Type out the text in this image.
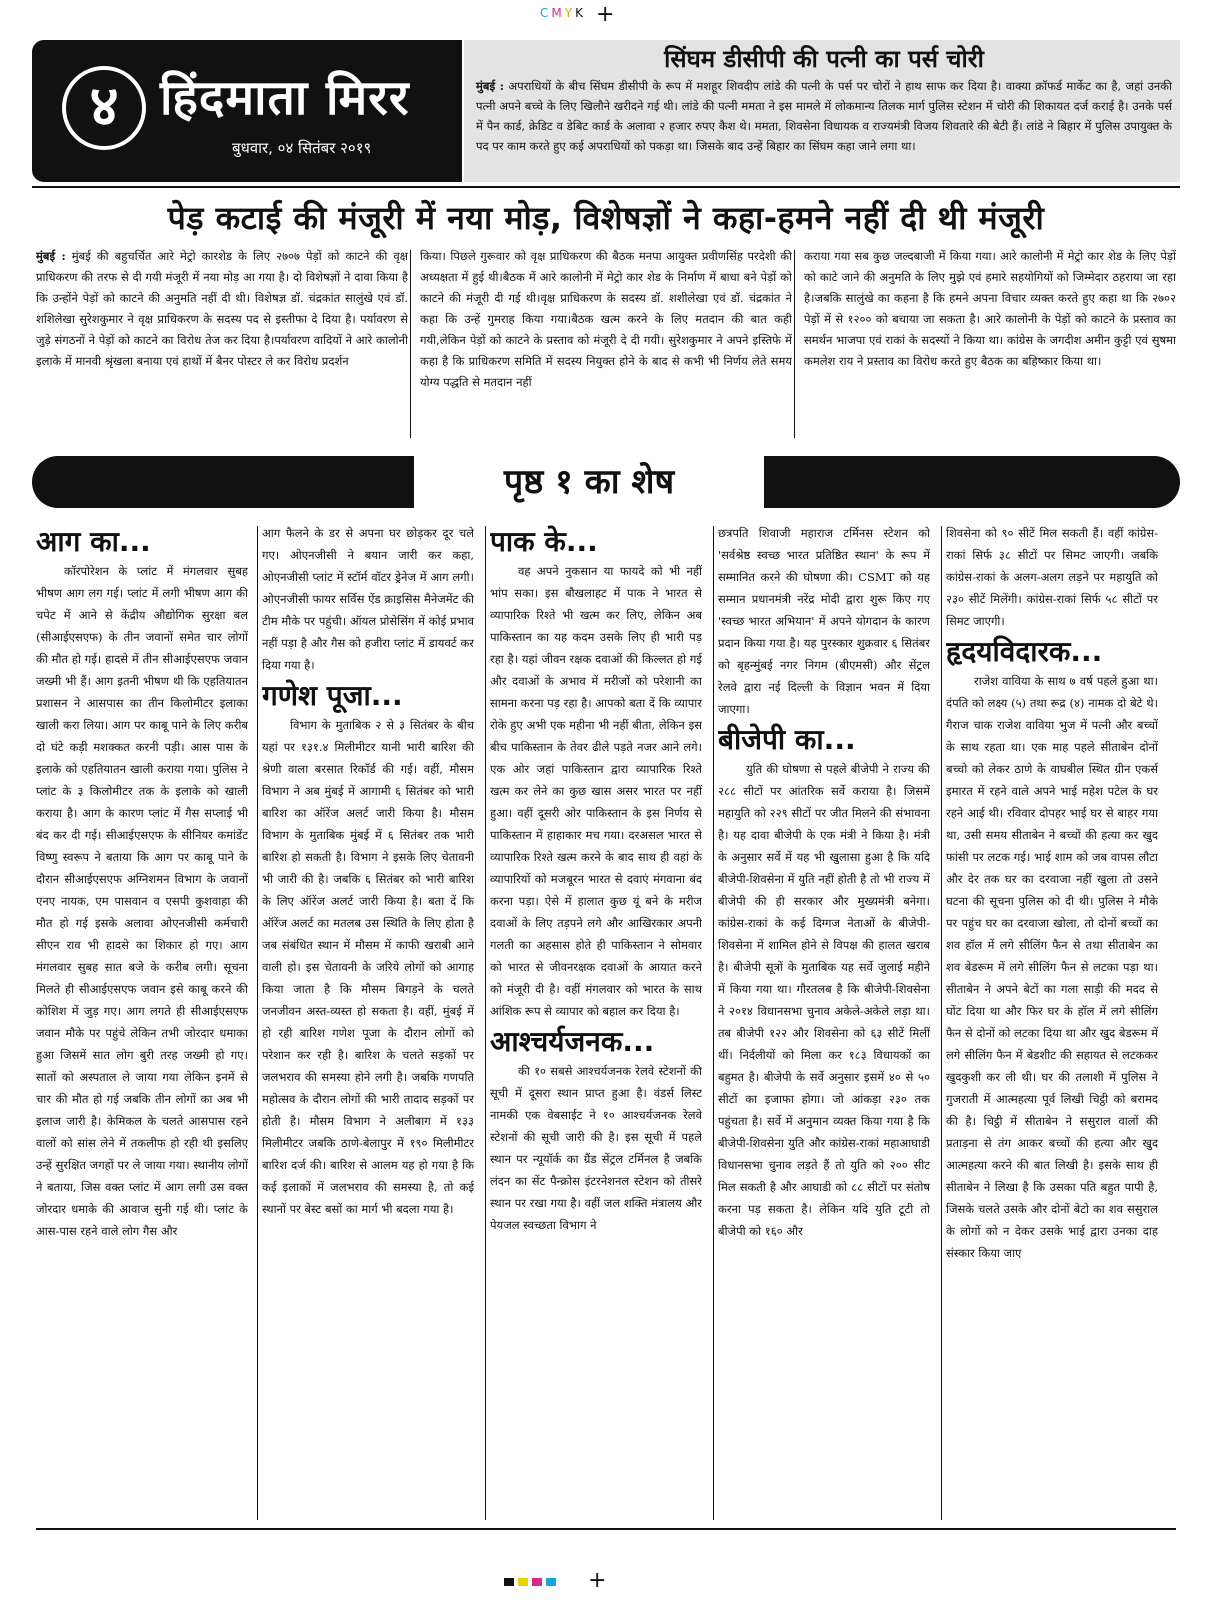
CMYK +
४ हिंदमाता मिरर
बुधवार, ०४ सितंबर २०१९
सिंघम डीसीपी की पत्नी का पर्स चोरी

मुंबई : अपराधियों के बीच सिंघम डीसीपी के रूप में मशहूर शिवदीप लांडे की पत्नी के पर्स पर चोरों ने हाथ साफ कर दिया है। वाक्या क्रॉफर्ड मार्केट का है, जहां उनकी पत्नी अपने बच्चे के लिए खिलौने खरीदने गई थी। लांडे की पत्नी ममता ने इस मामले में लोकमान्य तिलक मार्ग पुलिस स्टेशन में चोरी की शिकायत दर्ज कराई है। उनके पर्स में पैन कार्ड, क्रेडिट व डेबिट कार्ड के अलावा २ हजार रुपए कैश थे। ममता, शिवसेना विधायक व राज्यमंत्री विजय शिवतारे की बेटी हैं। लांडे ने बिहार में पुलिस उपायुक्त के पद पर काम करते हुए कई अपराधियों को पकड़ा था। जिसके बाद उन्हें बिहार का सिंघम कहा जाने लगा था।

पेड़ कटाई की मंजूरी में नया मोड़, विशेषज्ञों ने कहा-हमने नहीं दी थी मंजूरी
मुंबई : मुंबई की बहुचर्चित आरे मेट्रो कारशेड के लिए २७०७ पेड़ों को काटने की वृक्ष प्राधिकरण की तरफ से दी गयी मंजूरी में नया मोड़ आ गया है। दो विशेषज्ञों ने दावा किया है कि उन्होंने पेड़ों को काटने की अनुमति नहीं दी थी। विशेषज्ञ डॉ. चंद्रकांत सालुंखे एवं डॉ. शशिलेखा सुरेशकुमार ने वृक्ष प्राधिकरण के सदस्य पद से इस्तीफा दे दिया है। पर्यावरण से जुड़े संगठनों ने पेड़ों को काटने का विरोध तेज कर दिया है।पर्यावरण वादियों ने आरे कालोनी इलाके में मानवी श्रृंखला बनाया एवं हाथों में बैनर पोस्टर ले कर विरोध प्रदर्शन
किया। पिछले गुरूवार को वृक्ष प्राधिकरण की बैठक मनपा आयुक्त प्रवीणसिंह परदेशी की अध्यक्षता में हुई थी।बैठक में आरे कालोनी में मेट्रो कार शेड के निर्माण में बाधा बने पेड़ों को काटने की मंजूरी दी गई थी।वृक्ष प्राधिकरण के सदस्य डॉ. शशीलेखा एवं डॉ. चंद्रकांत ने कहा कि उन्हें गुमराह किया गया।बैठक खत्म करने के लिए मतदान की बात कही गयी,लेकिन पेड़ों को काटने के प्रस्ताव को मंजूरी दे दी गयी। सुरेशकुमार ने अपने इस्तिफे में कहा है कि प्राधिकरण समिति में सदस्य नियुक्त होने के बाद से कभी भी निर्णय लेते समय योग्य पद्धति से मतदान नहीं
कराया गया सब कुछ जल्दबाजी में किया गया। आरे कालोनी में मेट्रो कार शेड के लिए पेड़ों को काटे जाने की अनुमति के लिए मुझे एवं हमारे सहयोगियों को जिम्मेदार ठहराया जा रहा है।जबकि सालुंखे का कहना है कि हमने अपना विचार व्यक्त करते हुए कहा था कि २७०२ पेड़ों में से १२०० को बचाया जा सकता है। आरे कालोनी के पेड़ों को काटने के प्रस्ताव का समर्थन भाजपा एवं राकां के सदस्यों ने किया था। कांग्रेस के जगदीश अमीन कुट्टी एवं सुषमा कमलेश राय ने प्रस्ताव का विरोध करते हुए बैठक का बहिष्कार किया था।
पृष्ठ १ का शेष
आग का...

कॉरपोरेशन के प्लांट में मंगलवार सुबह भीषण आग लग गई। प्लांट में लगी भीषण आग की चपेट में आने से केंद्रीय औद्योगिक सुरक्षा बल (सीआईएसएफ) के तीन जवानों समेत चार लोगों की मौत हो गई। हादसे में तीन सीआईएसएफ जवान जख्मी भी हैं। आग इतनी भीषण थी कि एहतियातन प्रशासन ने आसपास का तीन किलोमीटर इलाका खाली करा लिया। आग पर काबू पाने के लिए करीब दो घंटे कड़ी मशक्कत करनी पड़ी। आस पास के इलाके को एहतियातन खाली कराया गया। पुलिस ने प्लांट के ३ किलोमीटर तक के इलाके को खाली कराया है। आग के कारण प्लांट में गैस सप्लाई भी बंद कर दी गई। सीआईएसएफ के सीनियर कमांडेंट विष्णु स्वरूप ने बताया कि आग पर काबू पाने के दौरान सीआईएसएफ अग्निशमन विभाग के जवानों एनए नायक, एम पासवान व एसपी कुशवाहा की मौत हो गई इसके अलावा ओएनजीसी कर्मचारी सीएन राव भी हादसे का शिकार हो गए। आग मंगलवार सुबह सात बजे के करीब लगी। सूचना मिलते ही सीआईएसएफ जवान इसे काबू करने की कोशिश में जुड़ गए। आग लगते ही सीआईएसएफ जवान मौके पर पहुंचे लेकिन तभी जोरदार धमाका हुआ जिसमें सात लोग बुरी तरह जख्मी हो गए। सातों को अस्पताल ले जाया गया लेकिन इनमें से चार की मौत हो गई जबकि तीन लोगों का अब भी इलाज जारी है। केमिकल के चलते आसपास रहने वालों को सांस लेने में तकलीफ हो रही थी इसलिए उन्हें सुरक्षित जगहों पर ले जाया गया। स्थानीय लोगों ने बताया, जिस वक्त प्लांट में आग लगी उस वक्त जोरदार धमाके की आवाज सुनी गई थी। प्लांट के आस-पास रहने वाले लोग गैस और

आग फैलने के डर से अपना घर छोड़कर दूर चले गए। ओएनजीसी ने बयान जारी कर कहा, ओएनजीसी प्लांट में स्टॉर्म वॉटर ड्रेनेज में आग लगी। ओएनजीसी फायर सर्विस ऐंड क्राइसिस मैनेजमेंट की टीम मौके पर पहुंची। ऑयल प्रोसेसिंग में कोई प्रभाव नहीं पड़ा है और गैस को हजीरा प्लांट में डायवर्ट कर दिया गया है।

गणेश पूजा...

विभाग के मुताबिक २ से ३ सितंबर के बीच यहां पर १३१.४ मिलीमीटर यानी भारी बारिश की श्रेणी वाला बरसात रिकॉर्ड की गई। वहीं, मौसम विभाग ने अब मुंबई में आगामी ६ सितंबर को भारी बारिश का ऑरेंज अलर्ट जारी किया है। मौसम विभाग के मुताबिक मुंबई में ६ सितंबर तक भारी बारिश हो सकती है। विभाग ने इसके लिए चेतावनी भी जारी की है। जबकि ६ सितंबर को भारी बारिश के लिए ऑरेंज अलर्ट जारी किया है। बता दें कि ऑरेंज अलर्ट का मतलब उस स्थिति के लिए होता है जब संबंधित स्थान में मौसम में काफी खराबी आने वाली हो। इस चेतावनी के जरिये लोगों को आगाह किया जाता है कि मौसम बिगड़ने के चलते जनजीवन अस्त-व्यस्त हो सकता है। वहीं, मुंबई में हो रही बारिश गणेश पूजा के दौरान लोगों को परेशान कर रही है। बारिश के चलते सड़कों पर जलभराव की समस्या होने लगी है। जबकि गणपति महोत्सव के दौरान लोगों की भारी तादाद सड़कों पर होती है। मौसम विभाग ने अलीबाग में १३३ मिलीमीटर जबकि ठाणे-बेलापुर में १९० मिलीमीटर बारिश दर्ज की। बारिश से आलम यह हो गया है कि कई इलाकों में जलभराव की समस्या है, तो कई स्थानों पर बेस्ट बसों का मार्ग भी बदला गया है।

पाक के...

वह अपने नुकसान या फायदे को भी नहीं भांप सका। इस बौखलाहट में पाक ने भारत से व्यापारिक रिश्ते भी खत्म कर लिए, लेकिन अब पाकिस्तान का यह कदम उसके लिए ही भारी पड़ रहा है। यहां जीवन रक्षक दवाओं की किल्लत हो गई और दवाओं के अभाव में मरीजों को परेशानी का सामना करना पड़ रहा है। आपको बता दें कि व्यापार रोके हुए अभी एक महीना भी नहीं बीता, लेकिन इस बीच पाकिस्तान के तेवर ढीले पड़ते नजर आने लगे। एक ओर जहां पाकिस्तान द्वारा व्यापारिक रिश्ते खत्म कर लेने का कुछ खास असर भारत पर नहीं हुआ। वहीं दूसरी ओर पाकिस्तान के इस निर्णय से पाकिस्तान में हाहाकार मच गया। दरअसल भारत से व्यापारिक रिश्ते खत्म करने के बाद साथ ही वहां के व्यापारियों को मजबूरन भारत से दवाएं मंगवाना बंद करना पड़ा। ऐसे में हालात कुछ यूं बने के मरीज दवाओं के लिए तड़पने लगे और आखिरकार अपनी गलती का अहसास होते ही पाकिस्तान ने सोमवार को भारत से जीवनरक्षक दवाओं के आयात करने को मंजूरी दी है। वहीं मंगलवार को भारत के साथ आंशिक रूप से व्यापार को बहाल कर दिया है।

आश्चर्यजनक...

की १० सबसे आश्चर्यजनक रेलवे स्टेशनों की सूची में दूसरा स्थान प्राप्त हुआ है। वंडर्स लिस्ट नामकी एक वेबसाईट ने १० आश्चर्यजनक रेलवे स्टेशनों की सूची जारी की है। इस सूची में पहले स्थान पर न्यूयॉर्क का ग्रैंड सेंट्रल टर्मिनल है जबकि लंदन का सेंट पैन्क्रोस इंटरनेशनल स्टेशन को तीसरे स्थान पर रखा गया है। वहीं जल शक्ति मंत्रालय और पेयजल स्वच्छता विभाग ने

छत्रपति शिवाजी महाराज टर्मिनस स्टेशन को 'सर्वश्रेष्ठ स्वच्छ भारत प्रतिष्ठित स्थान' के रूप में सम्मानित करने की घोषणा की। CSMT को यह सम्मान प्रधानमंत्री नरेंद्र मोदी द्वारा शुरू किए गए 'स्वच्छ भारत अभियान' में अपने योगदान के कारण प्रदान किया गया है। यह पुरस्कार शुक्रवार ६ सितंबर को बृहन्मुंबई नगर निगम (बीएमसी) और सेंट्रल रेलवे द्वारा नई दिल्ली के विज्ञान भवन में दिया जाएगा।

बीजेपी का...

युति की घोषणा से पहले बीजेपी ने राज्य की २८८ सीटों पर आंतरिक सर्वे कराया है। जिसमें महायुति को २२९ सीटों पर जीत मिलने की संभावना है। यह दावा बीजेपी के एक मंत्री ने किया है। मंत्री के अनुसार सर्वे में यह भी खुलासा हुआ है कि यदि बीजेपी-शिवसेना में युति नहीं होती है तो भी राज्य में बीजेपी की ही सरकार और मुख्यमंत्री बनेगा। कांग्रेस-राकां के कई दिग्गज नेताओं के बीजेपी-शिवसेना में शामिल होने से विपक्ष की हालत खराब है। बीजेपी सूत्रों के मुताबिक यह सर्वे जुलाई महीने में किया गया था। गौरतलब है कि बीजेपी-शिवसेना ने २०१४ विधानसभा चुनाव अकेले-अकेले लड़ा था। तब बीजेपी १२२ और शिवसेना को ६३ सीटें मिलीं थीं। निर्दलीयों को मिला कर १८३ विधायकों का बहुमत है। बीजेपी के सर्वे अनुसार इसमें ४० से ५० सीटों का इजाफा होगा। जो आंकड़ा २३० तक पहुंचता है। सर्वे में अनुमान व्यक्त किया गया है कि बीजेपी-शिवसेना युति और कांग्रेस-राकां महाआघाडी विधानसभा चुनाव लड़ते हैं तो युति को २०० सीट मिल सकती है और आघाडी को ८८ सीटों पर संतोष करना पड़ सकता है। लेकिन यदि युति टूटी तो बीजेपी को १६० और

शिवसेना को ९० सीटें मिल सकती हैं। वहीं कांग्रेस-राकां सिर्फ ३८ सीटों पर सिमट जाएगी। जबकि कांग्रेस-राकां के अलग-अलग लड़ने पर महायुति को २३० सीटें मिलेंगी। कांग्रेस-राकां सिर्फ ५८ सीटों पर सिमट जाएगी।

हृदयविदारक...

राजेश वाविया के साथ ७ वर्ष पहले हुआ था। दंपति को लक्ष्य (५) तथा रूद्र (४) नामक दो बेटे थे। गैराज चाक राजेश वाविया भुज में पत्नी और बच्चों के साथ रहता था। एक माह पहले सीताबेन दोनों बच्चो को लेकर ठाणे के वाघबील स्थित ग्रीन एकर्स इमारत में रहने वाले अपने भाई महेश पटेल के घर रहने आई थी। रविवार दोपहर भाई घर से बाहर गया था, उसी समय सीताबेन ने बच्चों की हत्या कर खुद फांसी पर लटक गई। भाई शाम को जब वापस लौटा और देर तक घर का दरवाजा नहीं खुला तो उसने घटना की सूचना पुलिस को दी थी। पुलिस ने मौके पर पहुंच घर का दरवाजा खोला, तो दोनों बच्चों का शव हॉल में लगे सीलिंग फैन से तथा सीताबेन का शव बेडरूम में लगे सीलिंग फैन से लटका पड़ा था। सीताबेन ने अपने बेटों का गला साड़ी की मदद से घोंट दिया था और फिर घर के हॉल में लगे सीलिंग फैन से दोनों को लटका दिया था और खुद बेडरूम में लगे सीलिंग फैन में बेडशीट की सहायत से लटककर खुदकुशी कर ली थी। घर की तलाशी में पुलिस ने गुजराती में आत्महत्या पूर्व लिखी चिट्ठी को बरामद की है। चिट्ठी में सीताबेन ने ससुराल वालों की प्रताड़ना से तंग आकर बच्चों की हत्या और खुद आत्महत्या करने की बात लिखी है। इसके साथ ही सीताबेन ने लिखा है कि उसका पति बहुत पापी है, जिसके चलते उसके और दोनों बेटो का शव ससुराल के लोगों को न देकर उसके भाई द्वारा उनका दाह संस्कार किया जाए

+
